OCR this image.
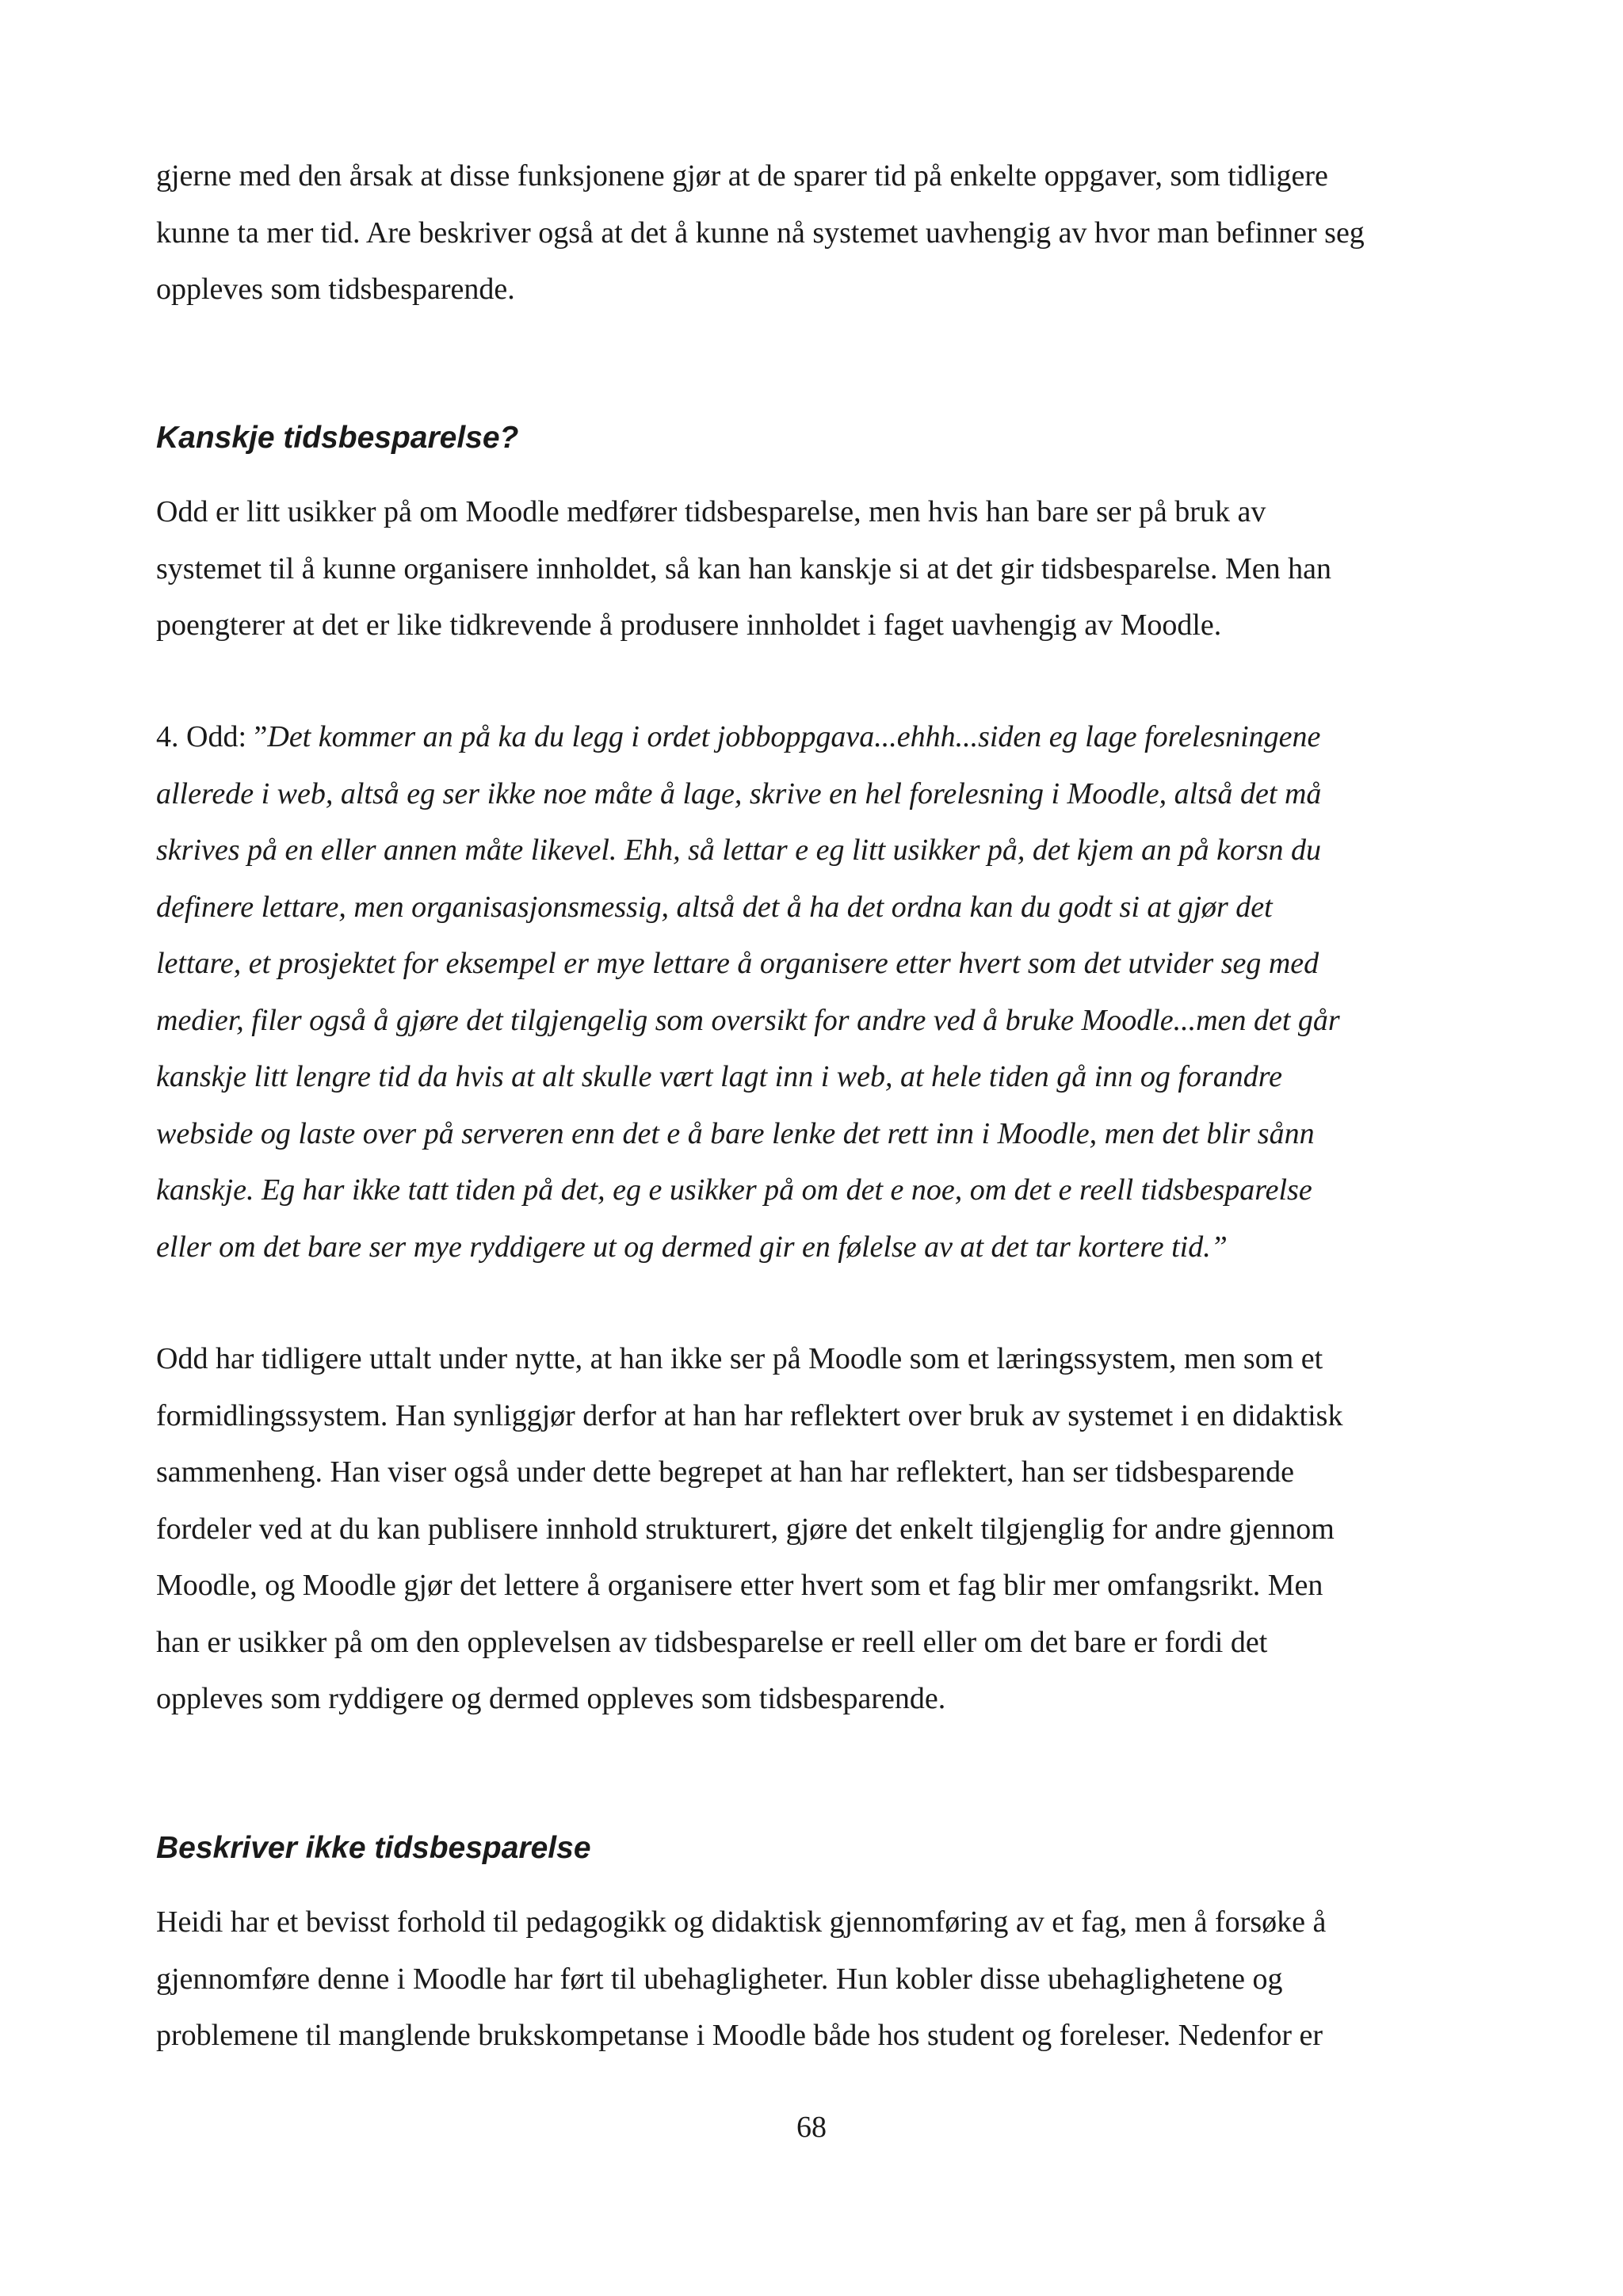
gjerne med den årsak at disse funksjonene gjør at de sparer tid på enkelte oppgaver, som tidligere
kunne ta mer tid. Are beskriver også at det å kunne nå systemet uavhengig av hvor man befinner seg
oppleves som tidsbesparende.
Kanskje tidsbesparelse?
Odd er litt usikker på om Moodle medfører tidsbesparelse, men hvis han bare ser på bruk av
systemet til å kunne organisere innholdet, så kan han kanskje si at det gir tidsbesparelse. Men han
poengterer at det er like tidkrevende å produsere innholdet i faget uavhengig av Moodle.
4. Odd: ”Det kommer an på ka du legg i ordet jobboppgava...ehhh...siden eg lage forelesningene
allerede i web, altså eg ser ikke noe måte å lage, skrive en hel forelesning i Moodle, altså det må
skrives på en eller annen måte likevel. Ehh, så lettar e eg litt usikker på, det kjem an på korsn du
definere lettare, men organisasjonsmessig, altså det å ha det ordna kan du godt si at gjør det
lettare, et prosjektet for eksempel er mye lettare å organisere etter hvert som det utvider seg med
medier, filer også å gjøre det tilgjengelig som oversikt for andre ved å bruke Moodle...men det går
kanskje litt lengre tid da hvis at alt skulle vært lagt inn i web, at hele tiden gå inn og forandre
webside og laste over på serveren enn det e å bare lenke det rett inn i Moodle, men det blir sånn
kanskje. Eg har ikke tatt tiden på det, eg e usikker på om det e noe, om det e reell tidsbesparelse
eller om det bare ser mye ryddigere ut og dermed gir en følelse av at det tar kortere tid.”
Odd har tidligere uttalt under nytte, at han ikke ser på Moodle som et læringssystem, men som et
formidlingssystem. Han synliggjør derfor at han har reflektert over bruk av systemet i en didaktisk
sammenheng. Han viser også under dette begrepet at han har reflektert, han ser tidsbesparende
fordeler ved at du kan publisere innhold strukturert, gjøre det enkelt tilgjenglig for andre gjennom
Moodle, og Moodle gjør det lettere å organisere etter hvert som et fag blir mer omfangsrikt. Men
han er usikker på om den opplevelsen av tidsbesparelse er reell eller om det bare er fordi det
oppleves som ryddigere og dermed oppleves som tidsbesparende.
Beskriver ikke tidsbesparelse
Heidi har et bevisst forhold til pedagogikk og didaktisk gjennomføring av et fag, men å forsøke å
gjennomføre denne i Moodle har ført til ubehagligheter. Hun kobler disse ubehaglighetene og
problemene til manglende brukskompetanse i Moodle både hos student og foreleser. Nedenfor er
68
